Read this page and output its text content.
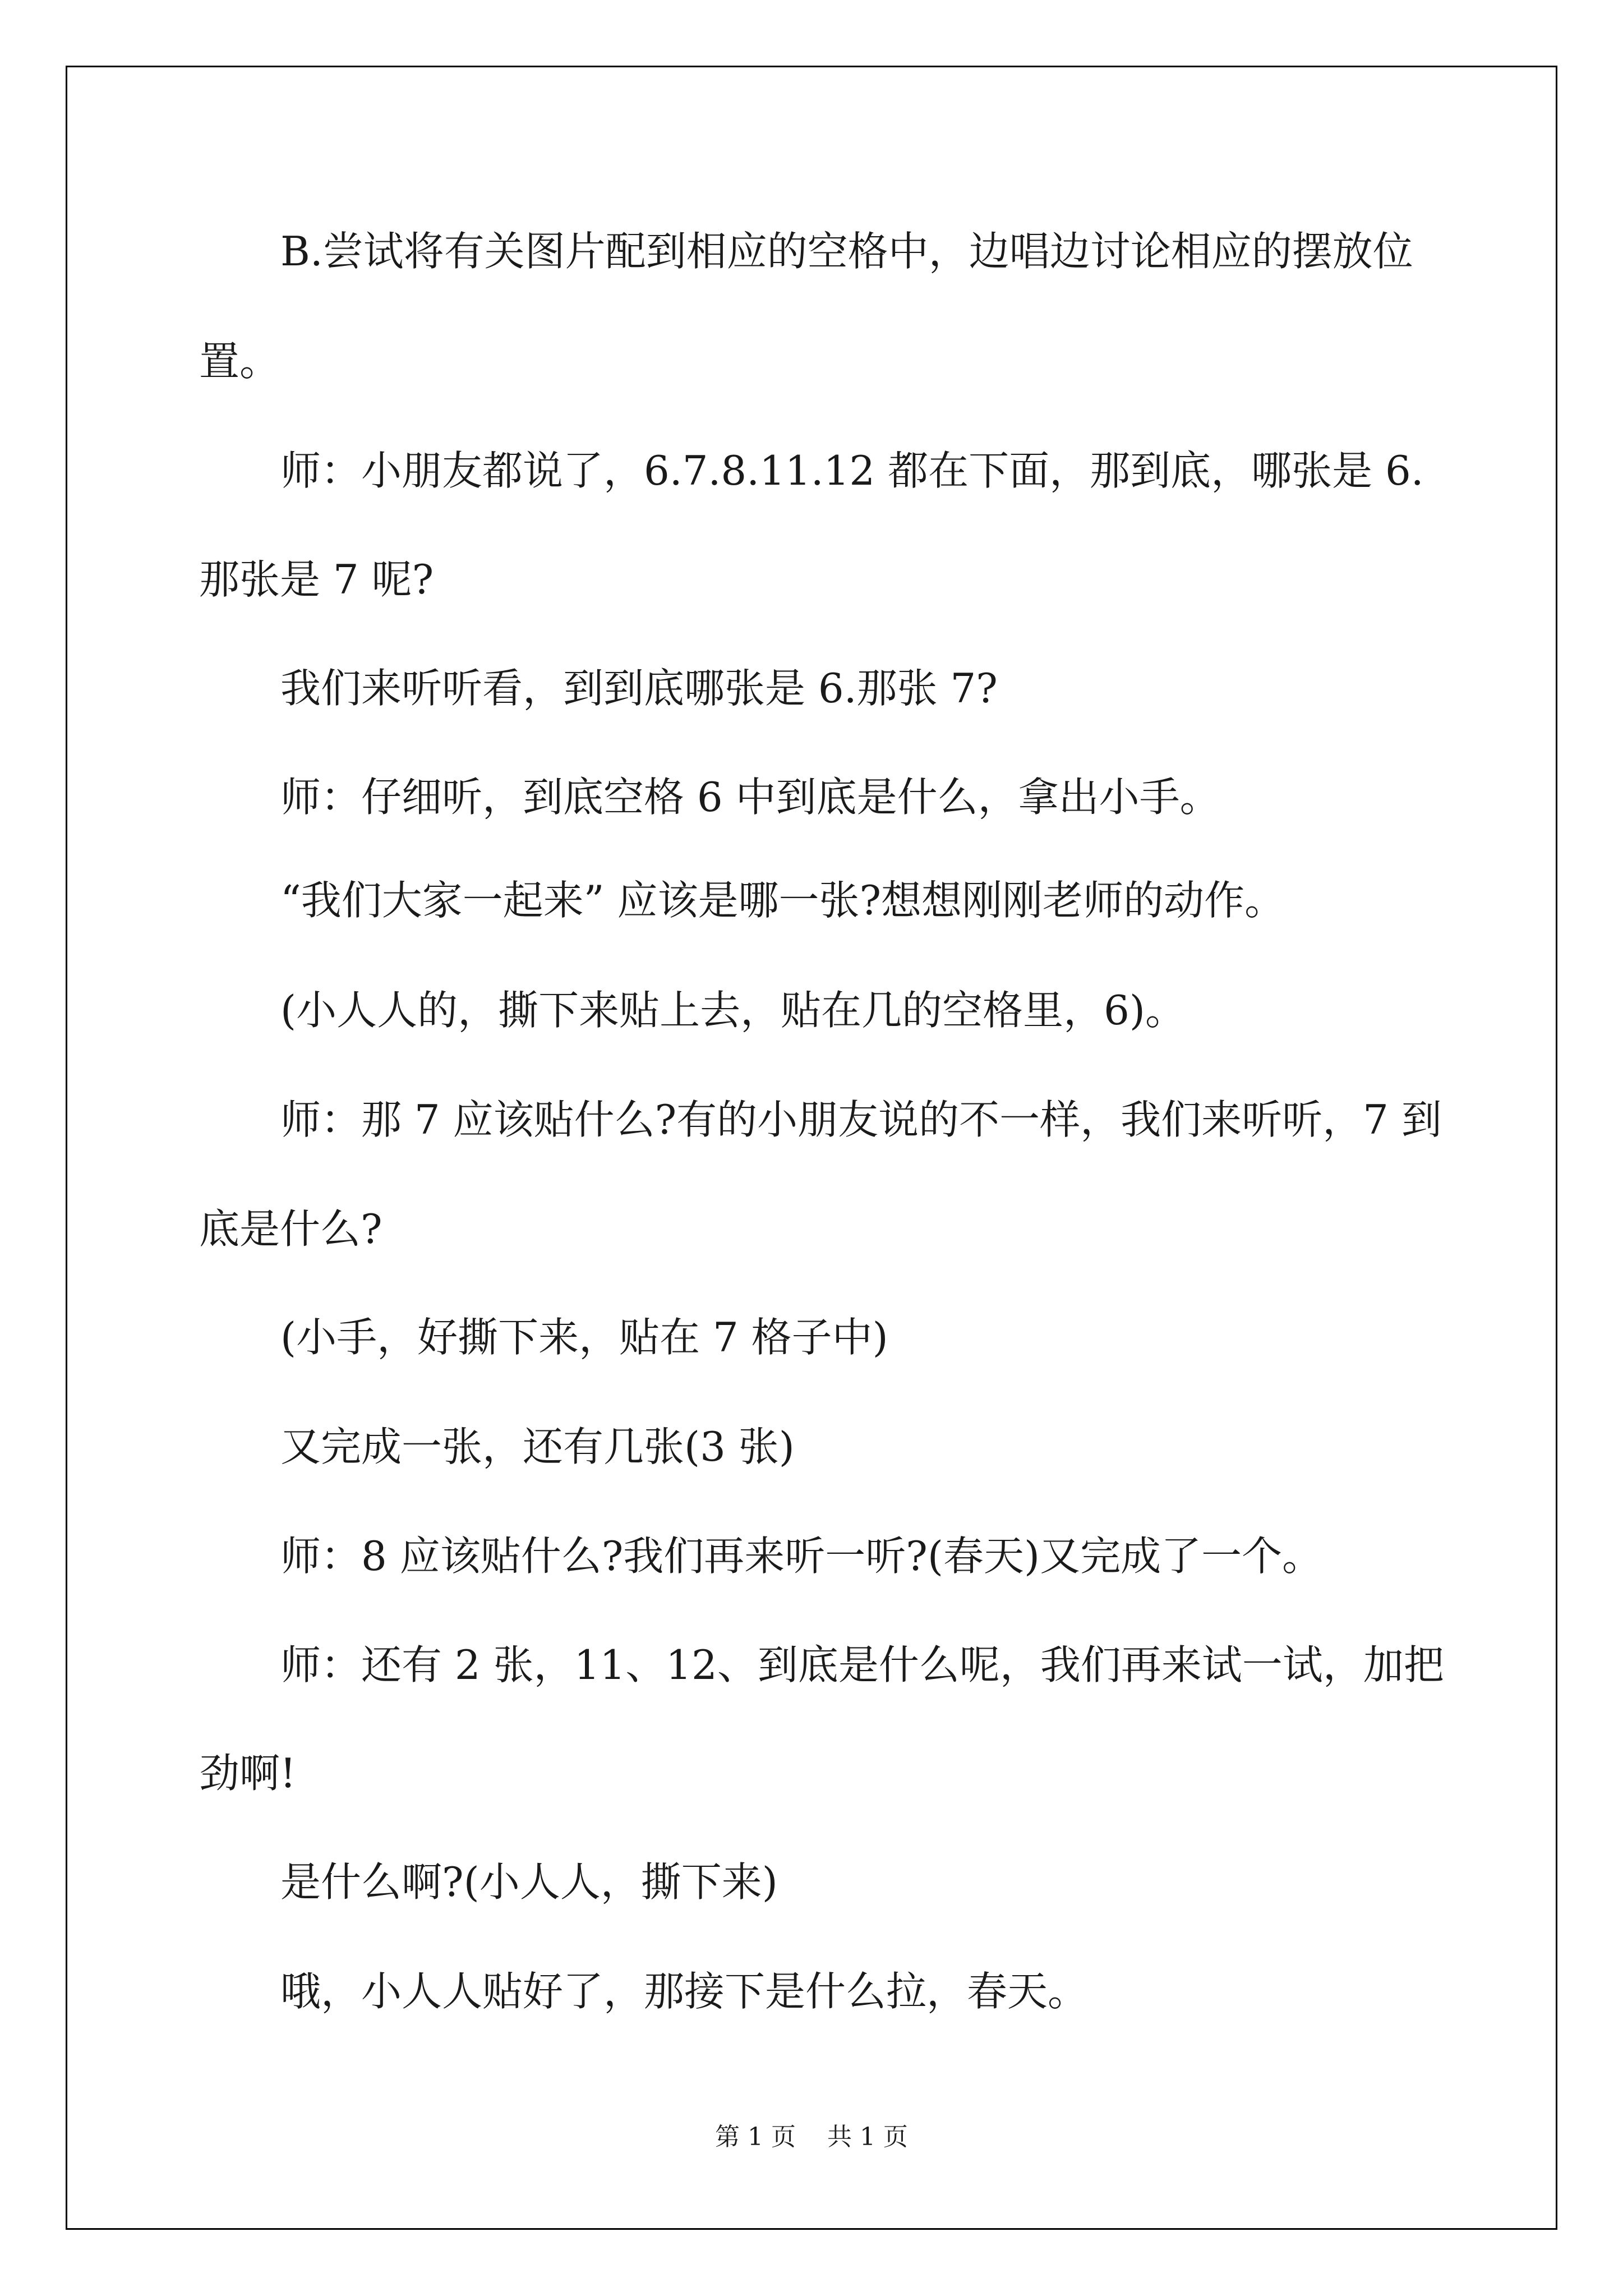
B.尝试将有关图片配到相应的空格中，边唱边讨论相应的摆放位

置。

师：小朋友都说了，6.7.8.11.12 都在下面，那到底，哪张是 6.

那张是 7 呢?

我们来听听看，到到底哪张是 6.那张 7?

师：仔细听，到底空格 6 中到底是什么，拿出小手。

“我们大家一起来” 应该是哪一张?想想刚刚老师的动作。

(小人人的，撕下来贴上去，贴在几的空格里，6)。

师：那 7 应该贴什么?有的小朋友说的不一样，我们来听听，7 到

底是什么?

(小手，好撕下来，贴在 7 格子中)

又完成一张，还有几张(3 张)

师：8 应该贴什么?我们再来听一听?(春天)又完成了一个。

师：还有 2 张，11、12、到底是什么呢，我们再来试一试，加把

劲啊!

是什么啊?(小人人，撕下来)

哦，小人人贴好了，那接下是什么拉，春天。

第 1 页    共 1 页
